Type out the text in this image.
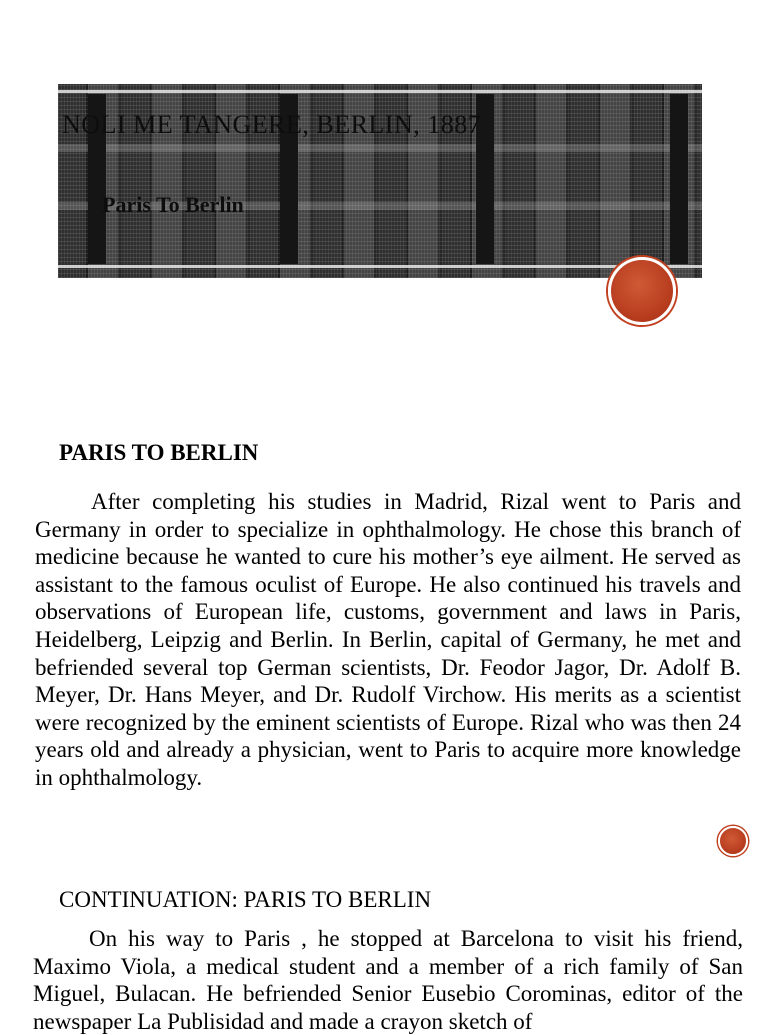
NOLI ME TANGERE, BERLIN, 1887

Paris To Berlin

PARIS TO BERLIN

After completing his studies in Madrid, Rizal went to Paris and Germany in order to specialize in ophthalmology. He chose this branch of medicine because he wanted to cure his mother’s eye ailment. He served as assistant to the famous oculist of Europe. He also continued his travels and observations of European life, customs, government and laws in Paris, Heidelberg, Leipzig and Berlin. In Berlin, capital of Germany, he met and befriended several top German scientists, Dr. Feodor Jagor, Dr. Adolf B. Meyer, Dr. Hans Meyer, and Dr. Rudolf Virchow. His merits as a scientist were recognized by the eminent scientists of Europe. Rizal who was then 24 years old and already a physician, went to Paris to acquire more knowledge in ophthalmology.

CONTINUATION: PARIS TO BERLIN

On his way to Paris , he stopped at Barcelona to visit his friend, Maximo Viola, a medical student and a member of a rich family of San Miguel, Bulacan. He befriended Senior Eusebio Corominas, editor of the newspaper La Publisidad and made a crayon sketch of
